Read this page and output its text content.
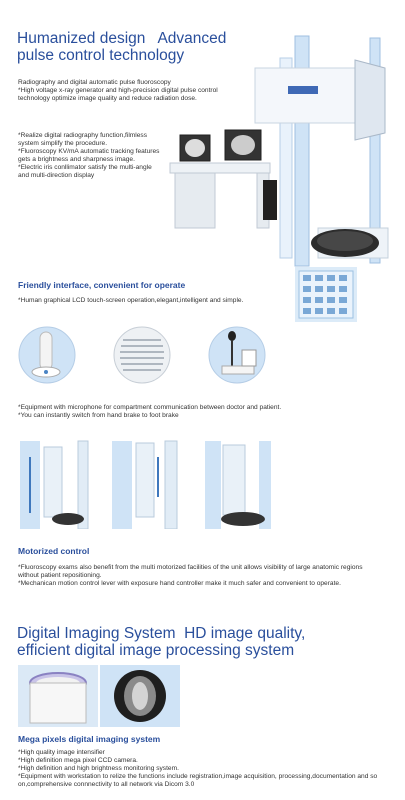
Humanized design   Advanced
pulse control technology
Radiography and digital automatic pulse fluoroscopy
*High voltage x-ray generator and high-precision digital pulse control technology optimize image quality and reduce radiation dose.
*Realize digital radiography function,filmless system simplify the procedure.
*Fluoroscopy KV/mA automatic tracking features gets a brightness and sharpness image.
*Electric iris conllimator satisfy the multi-angle and multi-direction display
Friendly interface, convenient for operate
*Human graphical LCD touch-screen operation,elegant,intelligent and simple.
*Equipment with microphone for compartment communication between doctor and patient.
*You can instantly switch from hand brake to foot brake
Motorized control
*Fluoroscopy exams also benefit from the multi motorized facilities of the unit allows visibility of large anatomic regions without patient repositioning.
*Mechanican motion control lever with exposure hand controller make it much safer and convenient to operate.
Digital Imaging System  HD image quality,
efficient digital image processing system
Mega pixels digital imaging system
*High quality image intensifier
*High definition mega pixel CCD camera.
*High definition and high brightness monitoring system.
*Equipment with workstation to relize the functions include registration,image acquisition, processing,documentation and so on,comprehensive connnectivity to all network via Dicom 3.0
